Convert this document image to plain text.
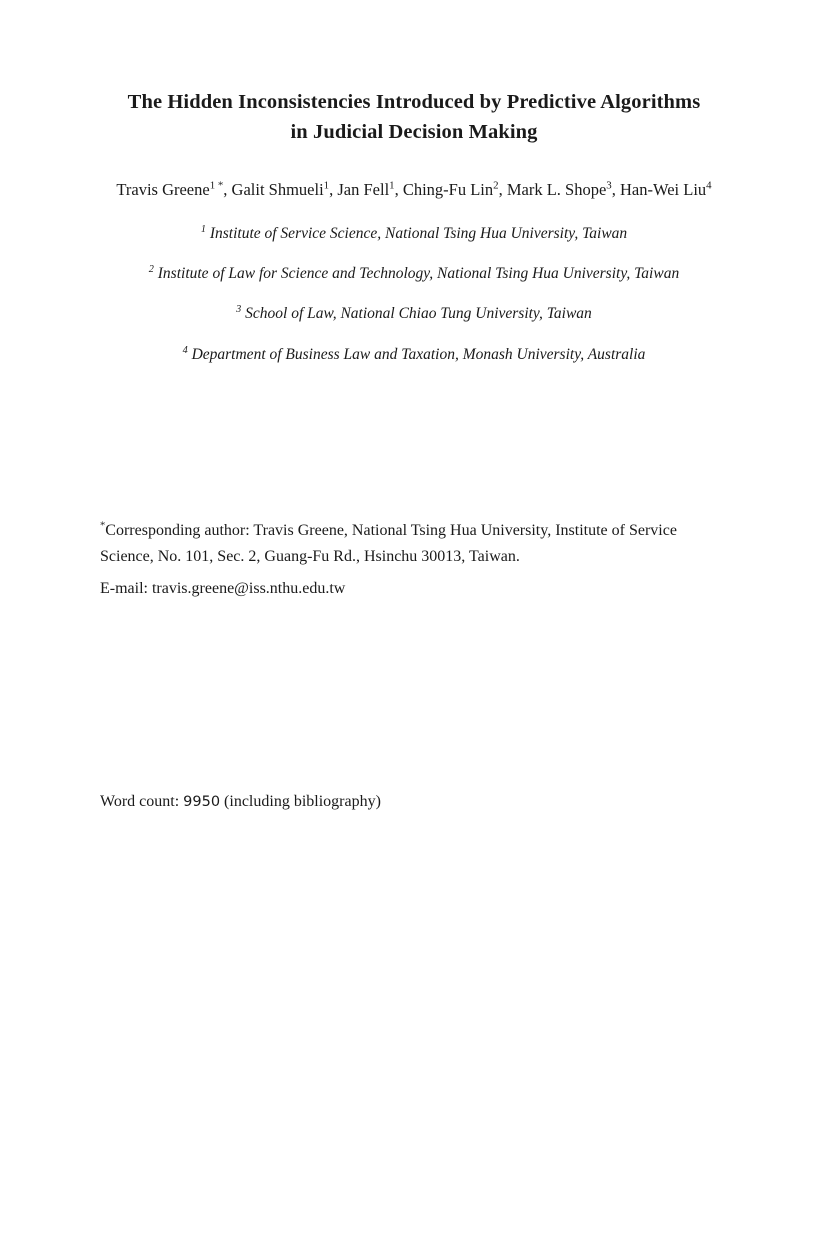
The Hidden Inconsistencies Introduced by Predictive Algorithms
in Judicial Decision Making
Travis Greene$^{1 *}$, Galit Shmueli$^1$, Jan Fell$^1$, Ching-Fu Lin$^2$, Mark L. Shope$^3$, Han-Wei Liu$^4$
$^1$ Institute of Service Science, National Tsing Hua University, Taiwan
$^2$ Institute of Law for Science and Technology, National Tsing Hua University, Taiwan
$^3$ School of Law, National Chiao Tung University, Taiwan
$^4$ Department of Business Law and Taxation, Monash University, Australia
*Corresponding author: Travis Greene, National Tsing Hua University, Institute of Service Science, No. 101, Sec. 2, Guang-Fu Rd., Hsinchu 30013, Taiwan.
E-mail: travis.greene@iss.nthu.edu.tw
Word count: 9950 (including bibliography)
